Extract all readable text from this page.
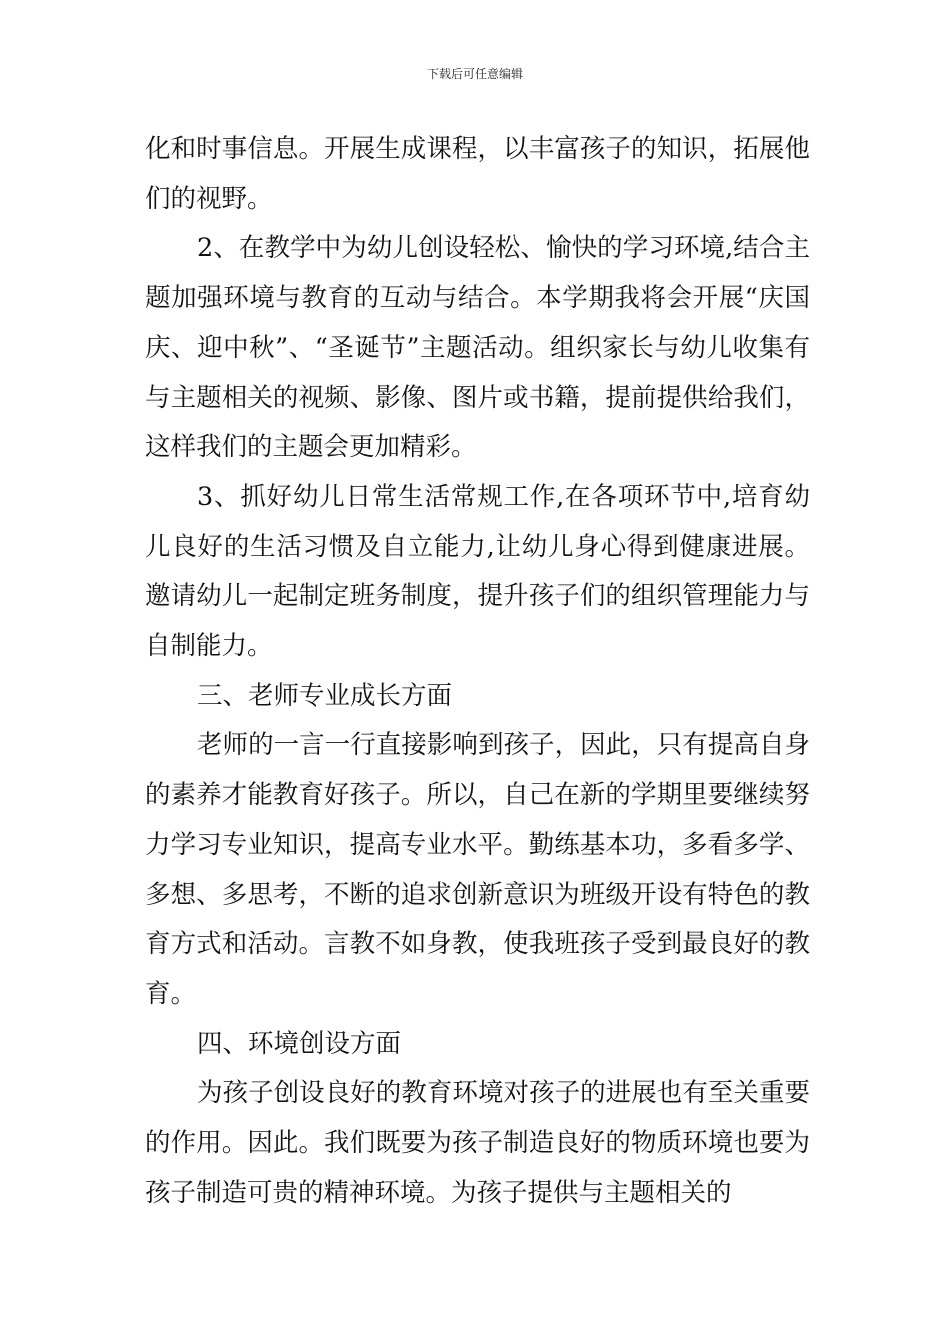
下载后可任意编辑

化和时事信息。开展生成课程，以丰富孩子的知识，拓展他们的视野。

2、在教学中为幼儿创设轻松、愉快的学习环境,结合主题加强环境与教育的互动与结合。本学期我将会开展“庆国庆、迎中秋”、“圣诞节”主题活动。组织家长与幼儿收集有与主题相关的视频、影像、图片或书籍，提前提供给我们，这样我们的主题会更加精彩。

3、抓好幼儿日常生活常规工作,在各项环节中,培育幼儿良好的生活习惯及自立能力,让幼儿身心得到健康进展。邀请幼儿一起制定班务制度，提升孩子们的组织管理能力与自制能力。

三、老师专业成长方面

老师的一言一行直接影响到孩子，因此，只有提高自身的素养才能教育好孩子。所以，自己在新的学期里要继续努力学习专业知识，提高专业水平。勤练基本功，多看多学、多想、多思考，不断的追求创新意识为班级开设有特色的教育方式和活动。言教不如身教，使我班孩子受到最良好的教育。

四、环境创设方面

为孩子创设良好的教育环境对孩子的进展也有至关重要的作用。因此。我们既要为孩子制造良好的物质环境也要为孩子制造可贵的精神环境。为孩子提供与主题相关的
